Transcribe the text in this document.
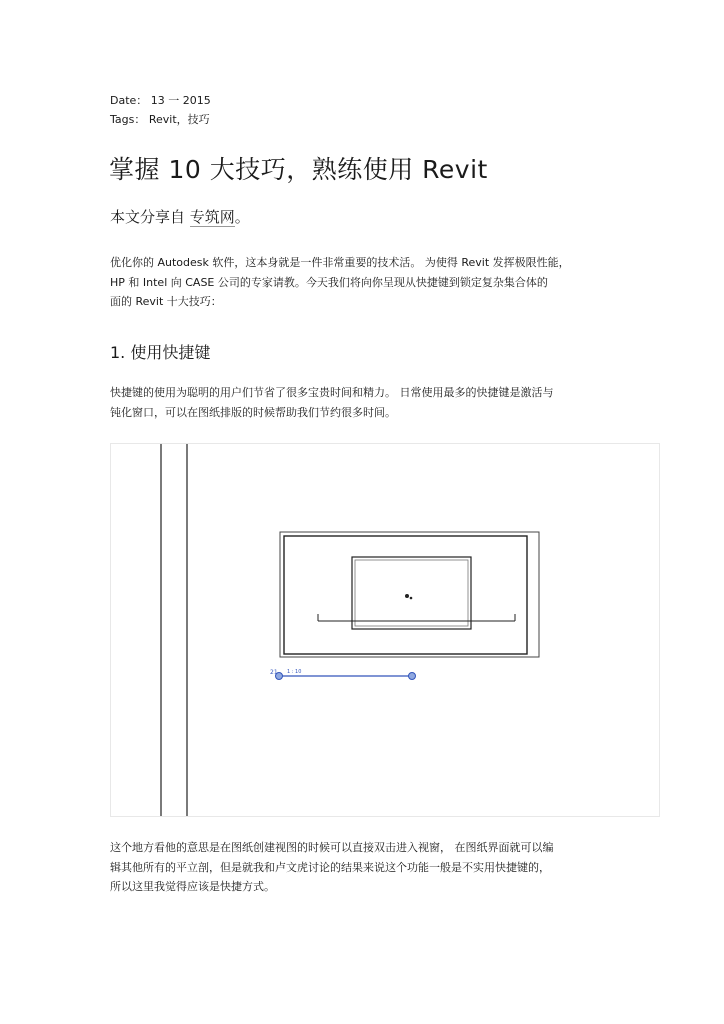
Date： 13 一 2015
Tags： Revit，技巧
掌握 10 大技巧，熟练使用 Revit
本文分享自 专筑网。
优化你的 Autodesk 软件，这本身就是一件非常重要的技术活。 为使得 Revit 发挥极限性能，
HP 和 Intel 向 CASE 公司的专家请教。今天我们将向你呈现从快捷键到锁定复杂集合体的
面的 Revit 十大技巧：
1. 使用快捷键
快捷键的使用为聪明的用户们节省了很多宝贵时间和精力。 日常使用最多的快捷键是激活与
钝化窗口，可以在图纸排版的时候帮助我们节约很多时间。
21 1 : 10
这个地方看他的意思是在图纸创建视图的时候可以直接双击进入视窗， 在图纸界面就可以编
辑其他所有的平立剖，但是就我和卢文虎讨论的结果来说这个功能一般是不实用快捷键的，
所以这里我觉得应该是快捷方式。
